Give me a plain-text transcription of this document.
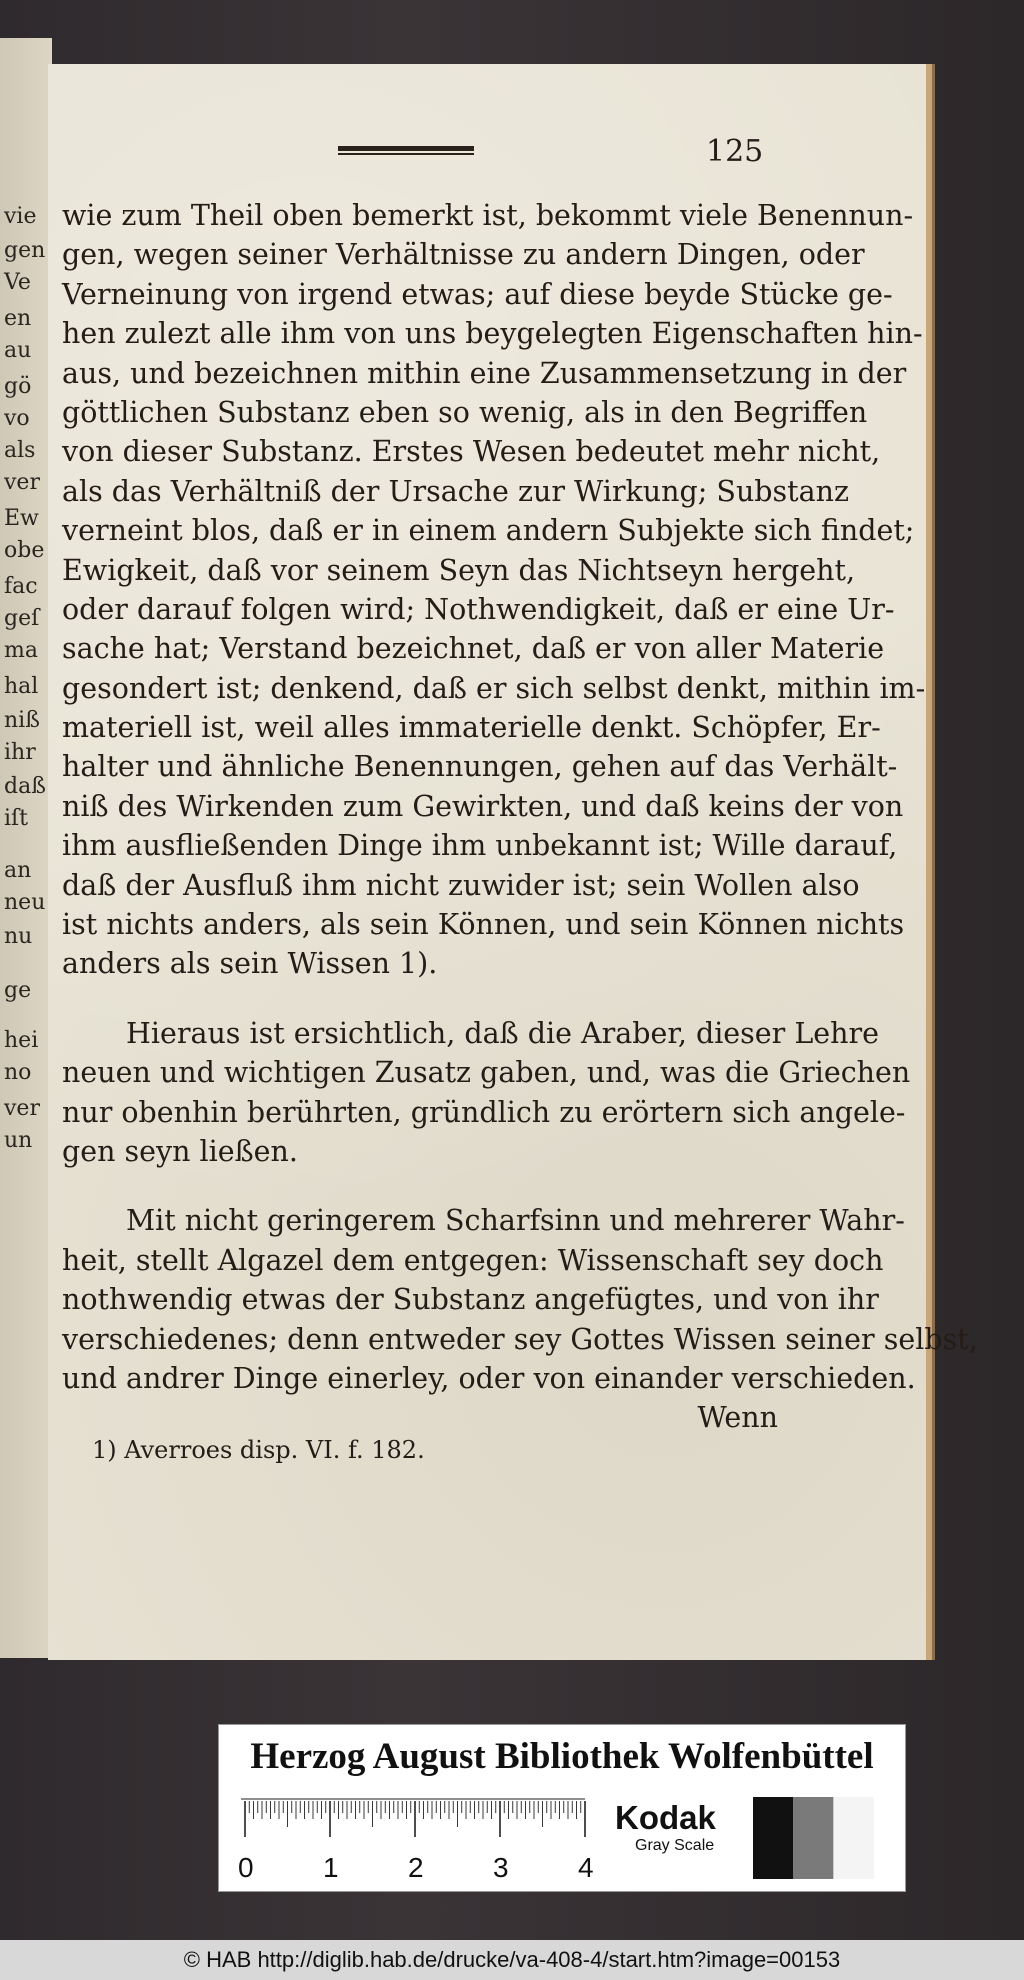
vie
gen
Ve
en
au
gö
vo
als
ver
Ew
obe
fac
geſ
ma
hal
niß
ihr
daß
iſt
an
neu
nu
ge
hei
no
ver
un
125
wie zum Theil oben bemerkt ist, bekommt viele Benennun-
gen, wegen seiner Verhältnisse zu andern Dingen, oder
Verneinung von irgend etwas; auf diese beyde Stücke ge-
hen zulezt alle ihm von uns beygelegten Eigenschaften hin-
aus, und bezeichnen mithin eine Zusammensetzung in der
göttlichen Substanz eben so wenig, als in den Begriffen
von dieser Substanz. Erstes Wesen bedeutet mehr nicht,
als das Verhältniß der Ursache zur Wirkung; Substanz
verneint blos, daß er in einem andern Subjekte sich findet;
Ewigkeit, daß vor seinem Seyn das Nichtseyn hergeht,
oder darauf folgen wird; Nothwendigkeit, daß er eine Ur-
sache hat; Verstand bezeichnet, daß er von aller Materie
gesondert ist; denkend, daß er sich selbst denkt, mithin im-
materiell ist, weil alles immaterielle denkt. Schöpfer, Er-
halter und ähnliche Benennungen, gehen auf das Verhält-
niß des Wirkenden zum Gewirkten, und daß keins der von
ihm ausfließenden Dinge ihm unbekannt ist; Wille darauf,
daß der Ausfluß ihm nicht zuwider ist; sein Wollen also
ist nichts anders, als sein Können, und sein Können nichts
anders als sein Wissen 1).
Hieraus ist ersichtlich, daß die Araber, dieser Lehre
neuen und wichtigen Zusatz gaben, und, was die Griechen
nur obenhin berührten, gründlich zu erörtern sich angele-
gen seyn ließen.
Mit nicht geringerem Scharfsinn und mehrerer Wahr-
heit, stellt Algazel dem entgegen: Wissenschaft sey doch
nothwendig etwas der Substanz angefügtes, und von ihr
verschiedenes; denn entweder sey Gottes Wissen seiner selbst,
und andrer Dinge einerley, oder von einander verschieden.
Wenn
1) Averroes disp. VI. f. 182.
Herzog August Bibliothek Wolfenbüttel
0 1 2 3 4
Kodak
Gray Scale
© HAB http://diglib.hab.de/drucke/va-408-4/start.htm?image=00153
